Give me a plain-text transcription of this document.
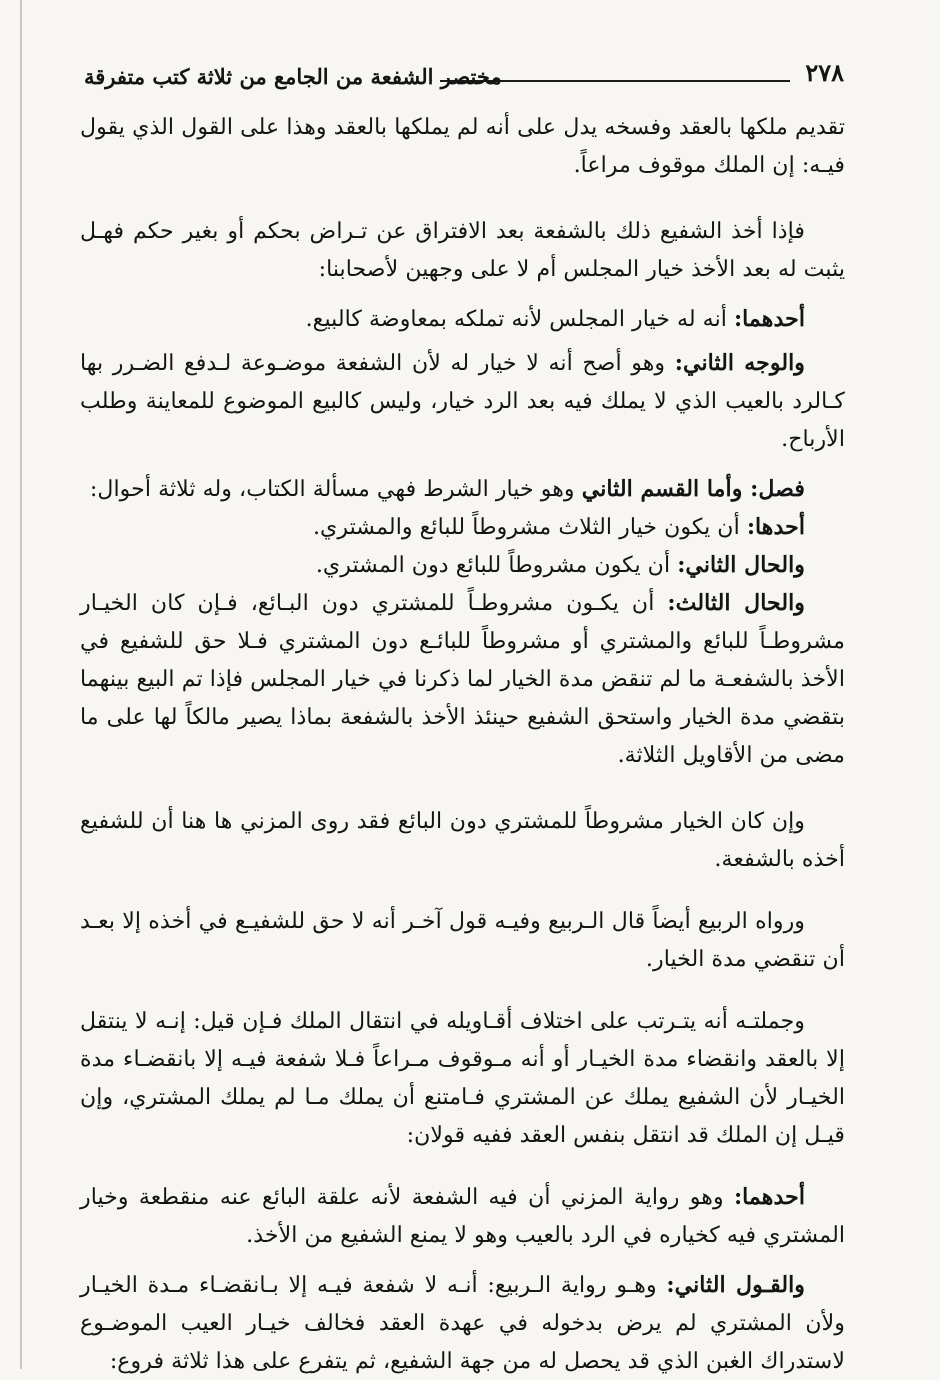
٢٧٨
مختصر الشفعة من الجامع من ثلاثة كتب متفرقة

تقديم ملكها بالعقد وفسخه يدل على أنه لم يملكها بالعقد وهذا على القول الذي يقول فيـه: إن الملك موقوف مراعاً.

فإذا أخذ الشفيع ذلك بالشفعة بعد الافتراق عن تـراض بحكم أو بغير حكم فهـل يثبت له بعد الأخذ خيار المجلس أم لا على وجهين لأصحابنا:

أحدهما: أنه له خيار المجلس لأنه تملكه بمعاوضة كالبيع.

والوجه الثاني: وهو أصح أنه لا خيار له لأن الشفعة موضـوعة لـدفع الضـرر بها كـالرد بالعيب الذي لا يملك فيه بعد الرد خيار، وليس كالبيع الموضوع للمعاينة وطلب الأرباح.

فصل: وأما القسم الثاني وهو خيار الشرط فهي مسألة الكتاب، وله ثلاثة أحوال:

أحدها: أن يكون خيار الثلاث مشروطاً للبائع والمشتري.

والحال الثاني: أن يكون مشروطاً للبائع دون المشتري.

والحال الثالث: أن يكـون مشروطـاً للمشتري دون البـائع، فـإن كان الخيـار مشروطـاً للبائع والمشتري أو مشروطاً للبائـع دون المشتري فـلا حق للشفيع في الأخذ بالشفعـة ما لم تنقض مدة الخيار لما ذكرنا في خيار المجلس فإذا تم البيع بينهما بتقضي مدة الخيار واستحق الشفيع حينئذ الأخذ بالشفعة بماذا يصير مالكاً لها على ما مضى من الأقاويل الثلاثة.

وإن كان الخيار مشروطاً للمشتري دون البائع فقد روى المزني ها هنا أن للشفيع أخذه بالشفعة.

ورواه الربيع أيضاً قال الـربيع وفيـه قول آخـر أنه لا حق للشفيـع في أخذه إلا بعـد أن تنقضي مدة الخيار.

وجملتـه أنه يتـرتب على اختلاف أقـاويله في انتقال الملك فـإن قيل: إنـه لا ينتقل إلا بالعقد وانقضاء مدة الخيـار أو أنه مـوقوف مـراعاً فـلا شفعة فيـه إلا بانقضـاء مدة الخيـار لأن الشفيع يملك عن المشتري فـامتنع أن يملك مـا لم يملك المشتري، وإن قيـل إن الملك قد انتقل بنفس العقد ففيه قولان:

أحدهما: وهو رواية المزني أن فيه الشفعة لأنه علقة البائع عنه منقطعة وخيار المشتري فيه كخياره في الرد بالعيب وهو لا يمنع الشفيع من الأخذ.

والقـول الثاني: وهـو رواية الـربيع: أنـه لا شفعة فيـه إلا بـانقضـاء مـدة الخيـار ولأن المشتري لم يرض بدخوله في عهدة العقد فخالف خيـار العيب الموضـوع لاستدراك الغبن الذي قد يحصل له من جهة الشفيع، ثم يتفرع على هذا ثلاثة فروع:
